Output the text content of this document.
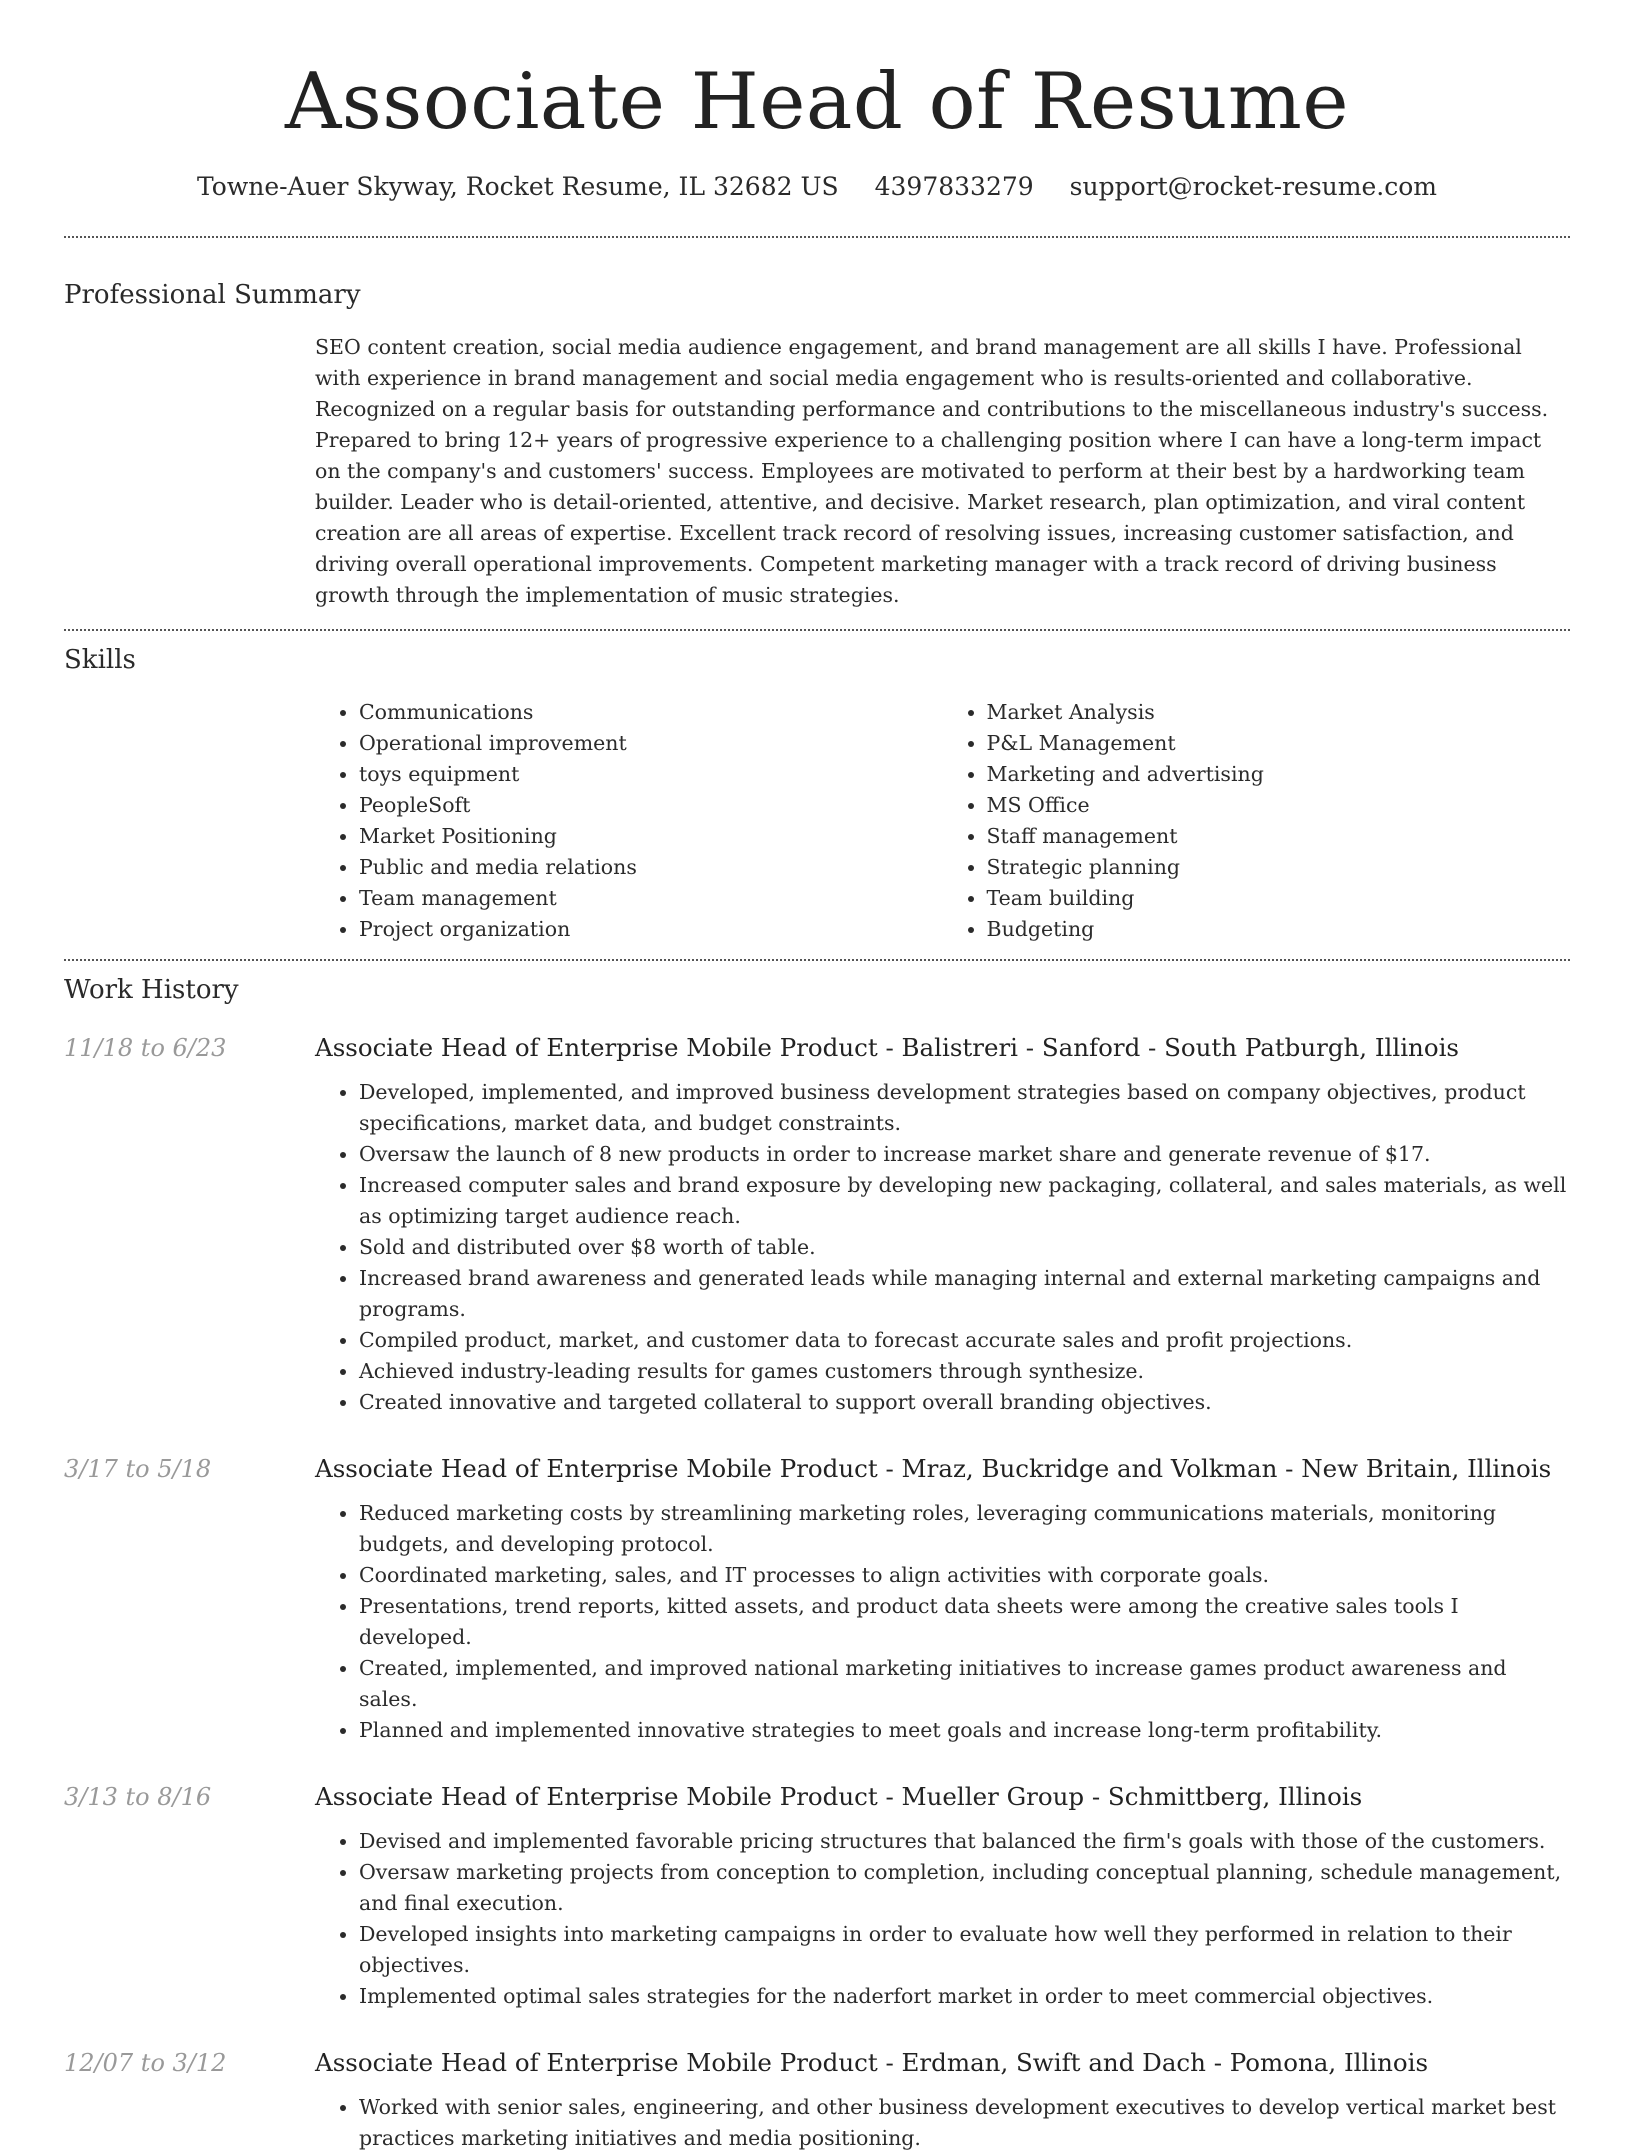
Associate Head of Resume
Towne-Auer Skyway, Rocket Resume, IL 32682 US 4397833279 support@rocket-resume.com
Professional Summary

SEO content creation, social media audience engagement, and brand management are all skills I have. Professional with experience in brand management and social media engagement who is results-oriented and collaborative. Recognized on a regular basis for outstanding performance and contributions to the miscellaneous industry's success. Prepared to bring 12+ years of progressive experience to a challenging position where I can have a long-term impact on the company's and customers' success. Employees are motivated to perform at their best by a hardworking team builder. Leader who is detail-oriented, attentive, and decisive. Market research, plan optimization, and viral content creation are all areas of expertise. Excellent track record of resolving issues, increasing customer satisfaction, and driving overall operational improvements. Competent marketing manager with a track record of driving business growth through the implementation of music strategies.

Skills
• Communications
• Operational improvement
• toys equipment
• PeopleSoft
• Market Positioning
• Public and media relations
• Team management
• Project organization
• Market Analysis
• P&L Management
• Marketing and advertising
• MS Office
• Staff management
• Strategic planning
• Team building
• Budgeting
Work History
11/18 to 6/23	Associate Head of Enterprise Mobile Product - Balistreri - Sanford - South Patburgh, Illinois
• Developed, implemented, and improved business development strategies based on company objectives, product specifications, market data, and budget constraints.
• Oversaw the launch of 8 new products in order to increase market share and generate revenue of $17.
• Increased computer sales and brand exposure by developing new packaging, collateral, and sales materials, as well as optimizing target audience reach.
• Sold and distributed over $8 worth of table.
• Increased brand awareness and generated leads while managing internal and external marketing campaigns and programs.
• Compiled product, market, and customer data to forecast accurate sales and profit projections.
• Achieved industry-leading results for games customers through synthesize.
• Created innovative and targeted collateral to support overall branding objectives.
3/17 to 5/18	Associate Head of Enterprise Mobile Product - Mraz, Buckridge and Volkman - New Britain, Illinois
• Reduced marketing costs by streamlining marketing roles, leveraging communications materials, monitoring budgets, and developing protocol.
• Coordinated marketing, sales, and IT processes to align activities with corporate goals.
• Presentations, trend reports, kitted assets, and product data sheets were among the creative sales tools I developed.
• Created, implemented, and improved national marketing initiatives to increase games product awareness and sales.
• Planned and implemented innovative strategies to meet goals and increase long-term profitability.
3/13 to 8/16	Associate Head of Enterprise Mobile Product - Mueller Group - Schmittberg, Illinois
• Devised and implemented favorable pricing structures that balanced the firm's goals with those of the customers.
• Oversaw marketing projects from conception to completion, including conceptual planning, schedule management, and final execution.
• Developed insights into marketing campaigns in order to evaluate how well they performed in relation to their objectives.
• Implemented optimal sales strategies for the naderfort market in order to meet commercial objectives.
12/07 to 3/12	Associate Head of Enterprise Mobile Product - Erdman, Swift and Dach - Pomona, Illinois
• Worked with senior sales, engineering, and other business development executives to develop vertical market best practices marketing initiatives and media positioning.
